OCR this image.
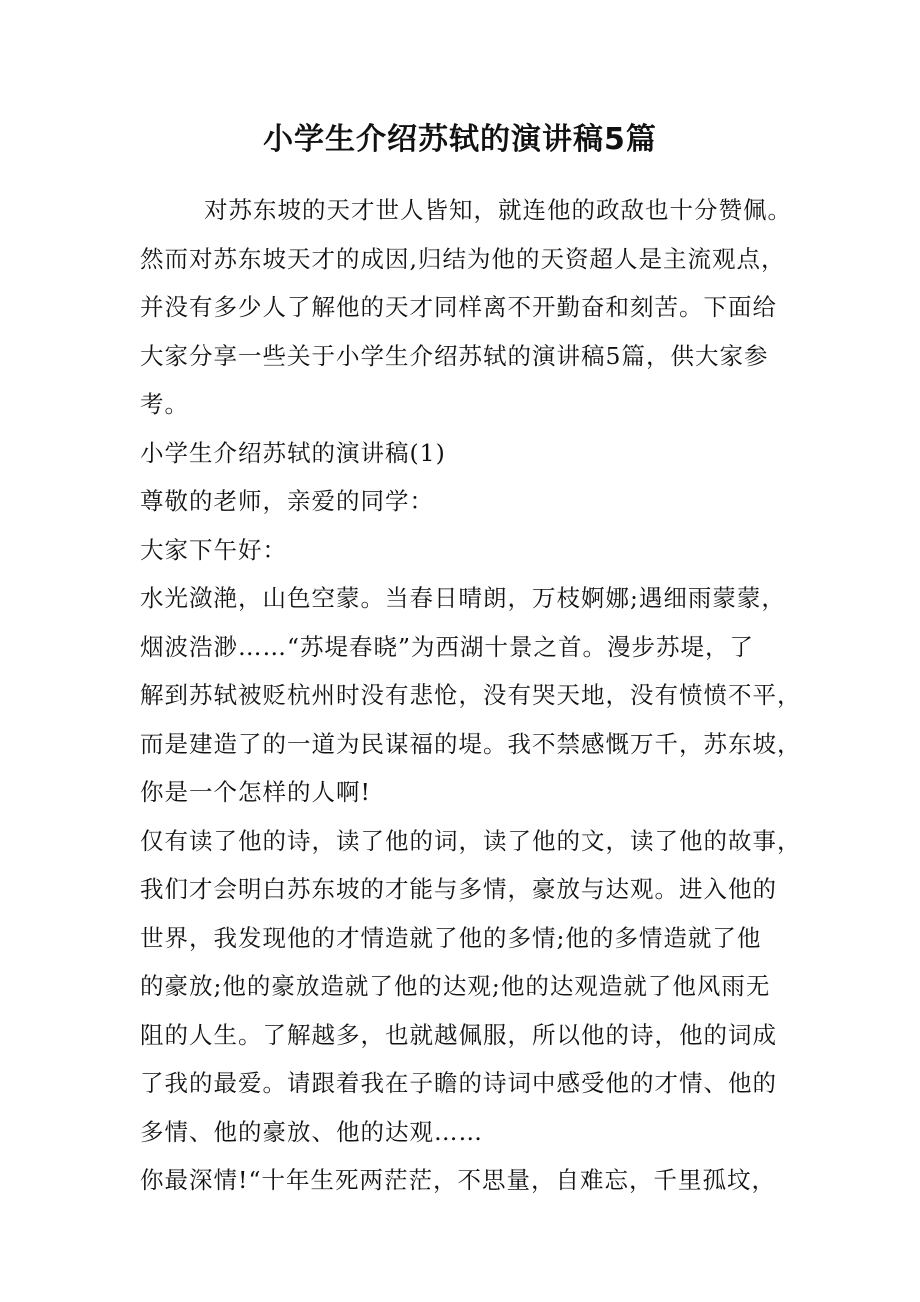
小学生介绍苏轼的演讲稿5篇
对苏东坡的天才世人皆知，就连他的政敌也十分赞佩。
然而对苏东坡天才的成因,归结为他的天资超人是主流观点，
并没有多少人了解他的天才同样离不开勤奋和刻苦。下面给
大家分享一些关于小学生介绍苏轼的演讲稿5篇，供大家参
考。
小学生介绍苏轼的演讲稿(1)
尊敬的老师，亲爱的同学：
大家下午好：
水光潋滟，山色空蒙。当春日晴朗，万枝婀娜;遇细雨蒙蒙，
烟波浩渺……“苏堤春晓”为西湖十景之首。漫步苏堤，了
解到苏轼被贬杭州时没有悲怆，没有哭天地，没有愤愤不平，
而是建造了的一道为民谋福的堤。我不禁感慨万千，苏东坡，
你是一个怎样的人啊!
仅有读了他的诗，读了他的词，读了他的文，读了他的故事，
我们才会明白苏东坡的才能与多情，豪放与达观。进入他的
世界，我发现他的才情造就了他的多情;他的多情造就了他
的豪放;他的豪放造就了他的达观;他的达观造就了他风雨无
阻的人生。了解越多，也就越佩服，所以他的诗，他的词成
了我的最爱。请跟着我在子瞻的诗词中感受他的才情、他的
多情、他的豪放、他的达观……
你最深情!“十年生死两茫茫，不思量，自难忘，千里孤坟，
